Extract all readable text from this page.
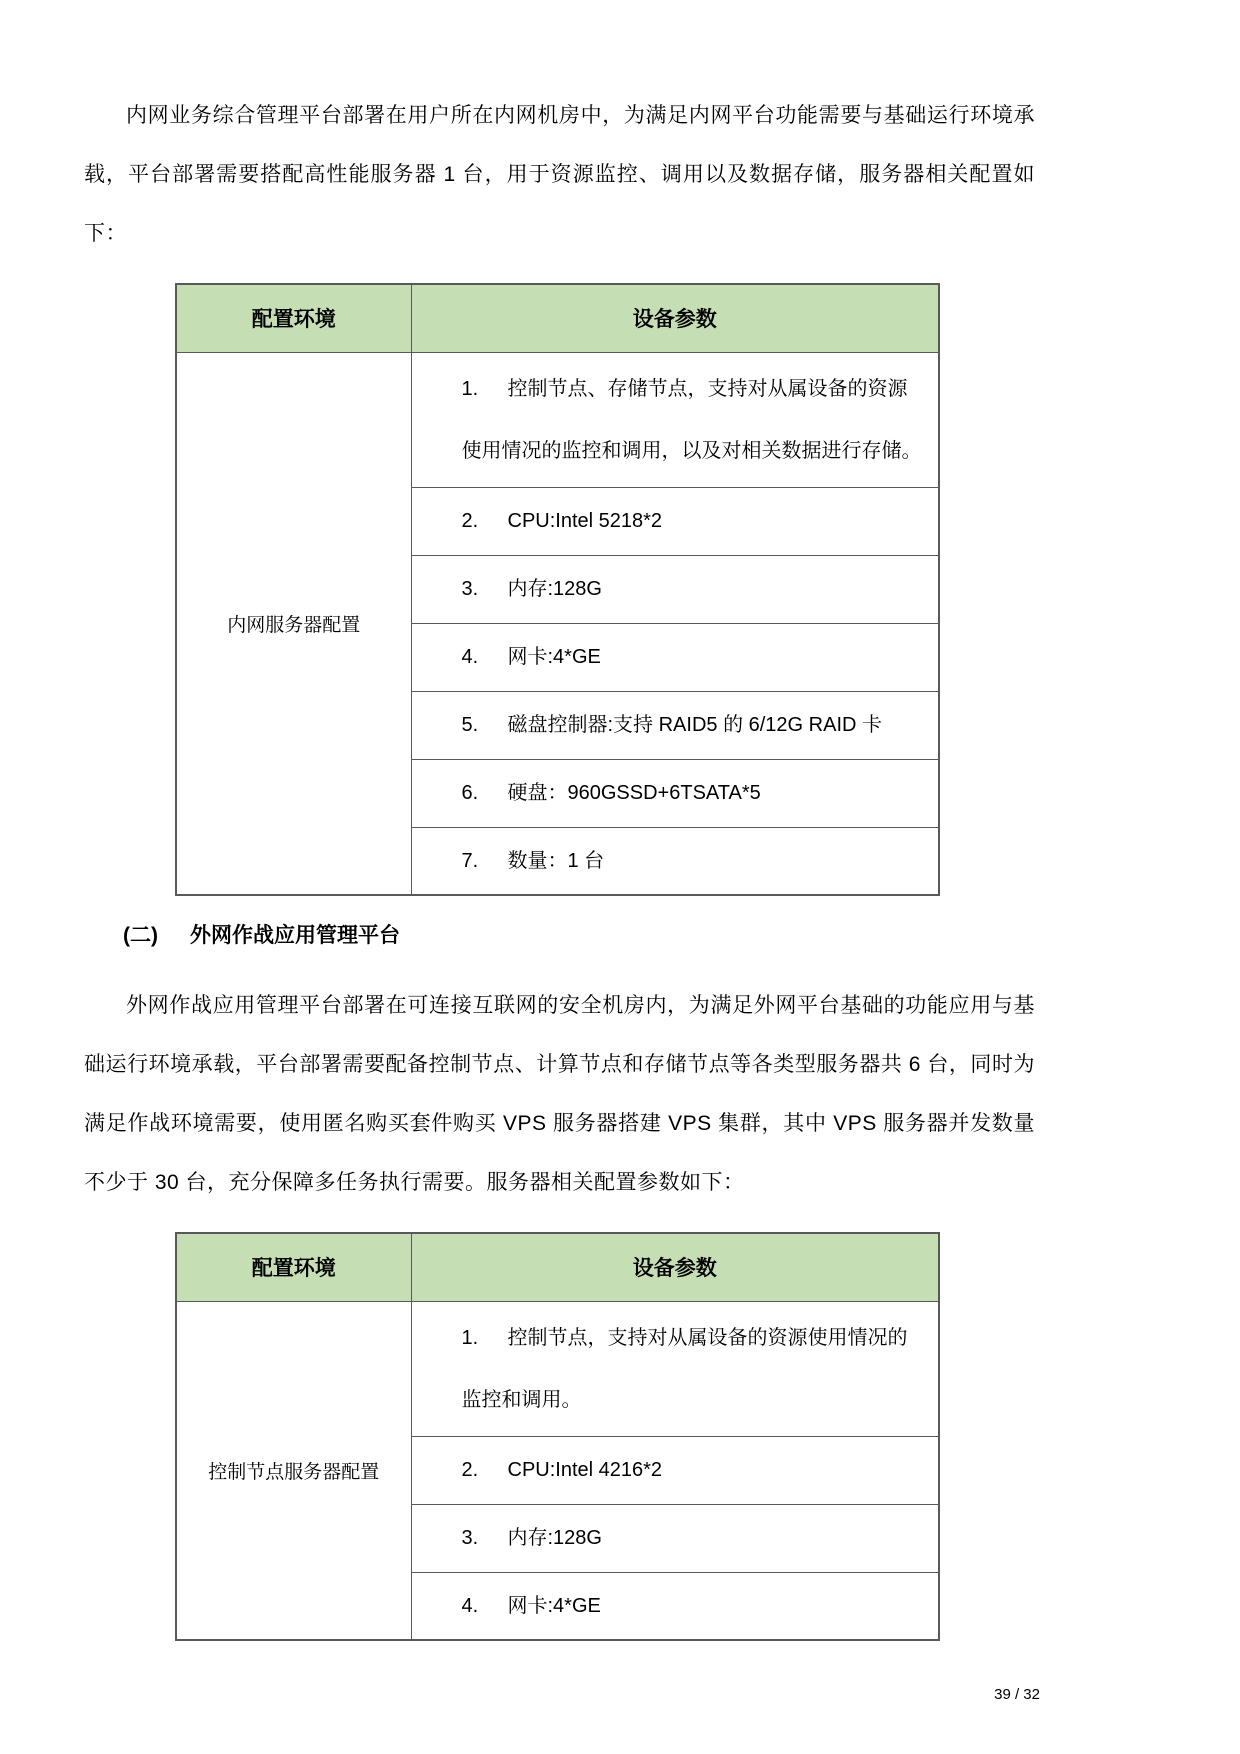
内网业务综合管理平台部署在用户所在内网机房中，为满足内网平台功能需要与基础运行环境承载，平台部署需要搭配高性能服务器 1 台，用于资源监控、调用以及数据存储，服务器相关配置如下：

配置环境	设备参数
内网服务器配置	1. 控制节点、存储节点，支持对从属设备的资源使用情况的监控和调用，以及对相关数据进行存储。
	2. CPU:Intel 5218*2
	3. 内存:128G
	4. 网卡:4*GE
	5. 磁盘控制器:支持 RAID5 的 6/12G RAID 卡
	6. 硬盘：960GSSD+6TSATA*5
	7. 数量：1 台
(二) 外网作战应用管理平台

外网作战应用管理平台部署在可连接互联网的安全机房内，为满足外网平台基础的功能应用与基础运行环境承载，平台部署需要配备控制节点、计算节点和存储节点等各类型服务器共 6 台，同时为满足作战环境需要，使用匿名购买套件购买 VPS 服务器搭建 VPS 集群，其中 VPS 服务器并发数量不少于 30 台，充分保障多任务执行需要。服务器相关配置参数如下：

配置环境	设备参数
控制节点服务器配置	1. 控制节点，支持对从属设备的资源使用情况的监控和调用。
	2. CPU:Intel 4216*2
	3. 内存:128G
	4. 网卡:4*GE
39 / 32
